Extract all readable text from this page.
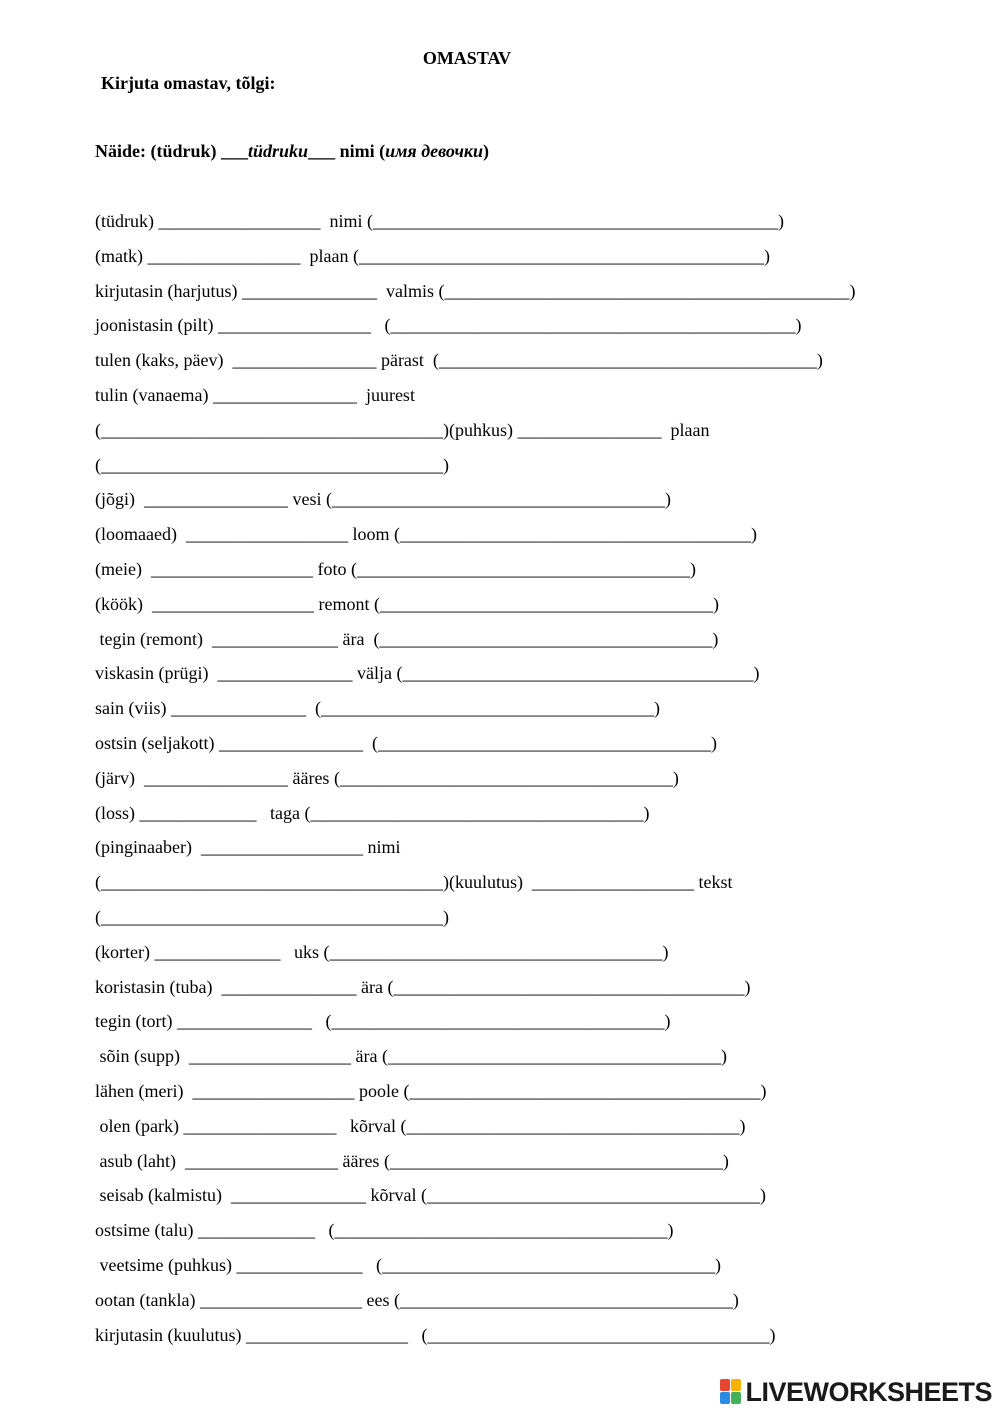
OMASTAV
Kirjuta omastav, tõlgi:
Näide: (tüdruk) ___tüdruku___ nimi (имя девочки)
(tüdruk) __________________  nimi (_____________________________________________)
(matk) _________________  plaan (_____________________________________________)
kirjutasin (harjutus) _______________  valmis (_____________________________________________)
joonistasin (pilt) _________________   (_____________________________________________)
tulen (kaks, päev)  ________________ pärast  (__________________________________________)
tulin (vanaema) ________________  juurest
(______________________________________)(puhkus) ________________  plaan
(______________________________________)
(jõgi)  ________________ vesi (_____________________________________)
(loomaaed)  __________________ loom (_______________________________________)
(meie)  __________________ foto (_____________________________________)
(köök)  __________________ remont (_____________________________________)
tegin (remont)  ______________ ära  (_____________________________________)
viskasin (prügi)  _______________ välja (_______________________________________)
sain (viis) _______________  (_____________________________________)
ostsin (seljakott) ________________  (_____________________________________)
(järv)  ________________ ääres (_____________________________________)
(loss) _____________   taga (_____________________________________)
(pinginaaber)  __________________ nimi
(______________________________________)(kuulutus)  __________________ tekst
(______________________________________)
(korter) ______________   uks (_____________________________________)
koristasin (tuba)  _______________ ära (_______________________________________)
tegin (tort) _______________   (_____________________________________)
sõin (supp)  __________________ ära (_____________________________________)
lähen (meri)  __________________ poole (_______________________________________)
olen (park) _________________   kõrval (_____________________________________)
asub (laht)  _________________ ääres (_____________________________________)
seisab (kalmistu)  _______________ kõrval (_____________________________________)
ostsime (talu) _____________   (_____________________________________)
veetsime (puhkus) ______________   (_____________________________________)
ootan (tankla) __________________ ees (_____________________________________)
kirjutasin (kuulutus) __________________   (______________________________________)
LIVEWORKSHEETS
